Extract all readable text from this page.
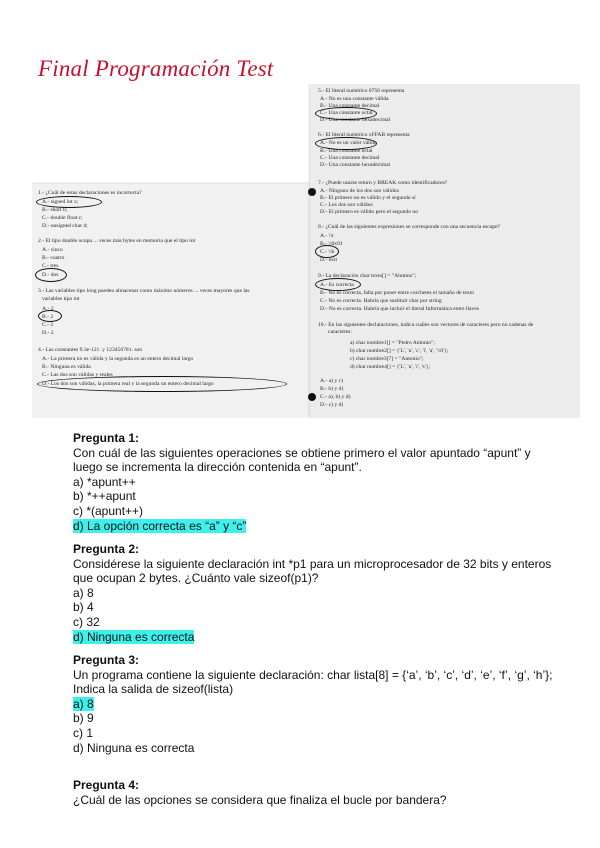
Final Programación Test
1.- ¿Cuál de estas declaraciones es incorrecta?
A.- signed int x;
B.- short b;
C.- double float c;
D.- unsigned char d;
2.- El tipo double ocupa ... veces más bytes en memoria que el tipo int
A.- cinco
B.- cuatro
C.- tres
D.- dos
3.- Las variables tipo long pueden almacenar como máximo números ... veces mayores que las
variables tipo int
A.- 2
B.- 2
C.- 2
D.- 2
4.- Las constantes 9.3e-121. y 123456781. son
A.- La primera no es válida y la segunda es un entero decimal largo
B.- Ninguna es válida
C.- Las dos son válidas y reales
D.- Los dos son válidas, la primera real y la segunda un entero decimal largo
5.- El literal numérico 0756 representa
A.- No es una constante válida
B.- Una constante decimal
C.- Una constante octal
D.- Una constante hexadecimal
6.- El literal numérico xFFAB representa
A.- No es un valor válido
B.- Una constante octal
C.- Una constante decimal
D.- Una constante hexadecimal
7.- ¿Puede usarse return y BREAK como identificadores?
A.- Ninguno de los dos son válidos
B.- El primero no es válido y el segundo sí
C.- Los dos son válidos
D.- El primero es válido pero el segundo no
8.- ¿Cuál de las siguientes expresiones se corresponde con una secuencia escape?
A.- \\t
B.- \\0x91
C.- \\b
D.- exit
9.- La declaración char texto[] = "Alumno";
A.- Es correcta
B.- No es correcta, falta por poner entre corchetes el tamaño de texto
C.- No es correcta. Habría que sustituir char por string
D.- No es correcta. Habría que incluir el literal Informática entre llaves
10.- En las siguientes declaraciones, indica cuáles son vectores de caracteres pero no cadenas de
caracteres:
a) char nombre1[] = "Pedro Antonio";
b) char nombre2[] = {'L', 'u', 'c', 'i', 'a', '\\0'};
c) char nombre3[7] = "Antonio";
d) char nombre4[] = {'L', 'u', 'i', 's'};
A.- a) y c)
B.- b) y d)
C.- a), b) y d)
D.- c) y d)
Pregunta 1:
Con cuál de las siguientes operaciones se obtiene primero el valor apuntado “apunt” y
luego se incrementa la dirección contenida en “apunt”.
a) *apunt++
b) *++apunt
c) *(apunt++)
d) La opción correcta es “a” y “c”
Pregunta 2:
Considérese la siguiente declaración int *p1 para un microprocesador de 32 bits y enteros
que ocupan 2 bytes. ¿Cuánto vale sizeof(p1)?
a) 8
b) 4
c) 32
d) Ninguna es correcta
Pregunta 3:
Un programa contiene la siguiente declaración: char lista[8] = {‘a’, ‘b’, ‘c’, ‘d’, ‘e’, ‘f’, ‘g’, ‘h’};
Indica la salida de sizeof(lista)
a) 8
b) 9
c) 1
d) Ninguna es correcta
Pregunta 4:
¿Cuál de las opciones se considera que finaliza el bucle por bandera?
